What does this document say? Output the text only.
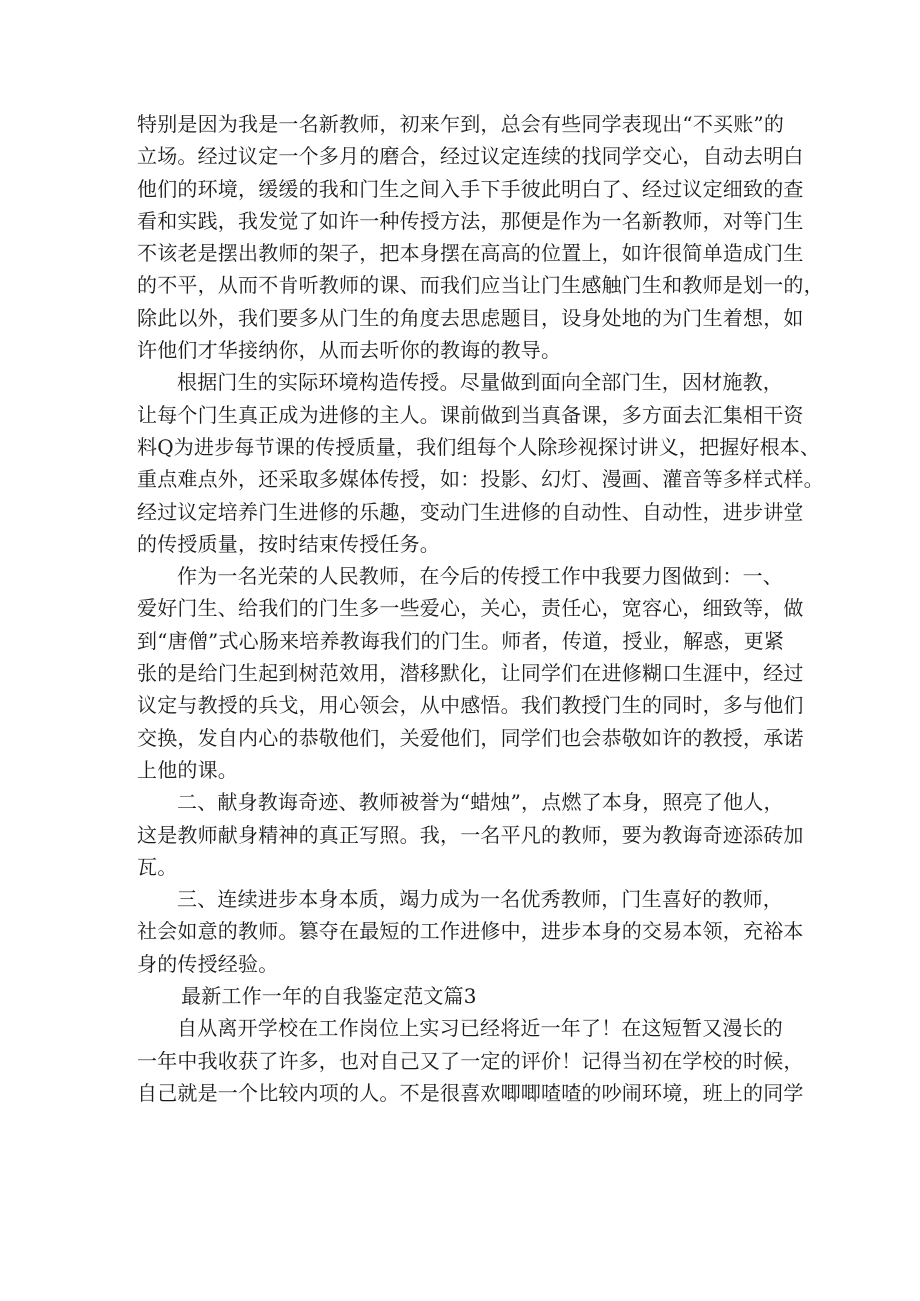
特别是因为我是一名新教师，初来乍到，总会有些同学表现出“不买账”的
立场。经过议定一个多月的磨合，经过议定连续的找同学交心，自动去明白
他们的环境，缓缓的我和门生之间入手下手彼此明白了、经过议定细致的查
看和实践，我发觉了如许一种传授方法，那便是作为一名新教师，对等门生
不该老是摆出教师的架子，把本身摆在高高的位置上，如许很简单造成门生
的不平，从而不肯听教师的课、而我们应当让门生感触门生和教师是划一的，
除此以外，我们要多从门生的角度去思虑题目，设身处地的为门生着想，如
许他们才华接纳你，从而去听你的教诲的教导。
根据门生的实际环境构造传授。尽量做到面向全部门生，因材施教，
让每个门生真正成为进修的主人。课前做到当真备课，多方面去汇集相干资
料Q为进步每节课的传授质量，我们组每个人除珍视探讨讲义，把握好根本、
重点难点外，还采取多媒体传授，如：投影、幻灯、漫画、灌音等多样式样。
经过议定培养门生进修的乐趣，变动门生进修的自动性、自动性，进步讲堂
的传授质量，按时结束传授任务。
作为一名光荣的人民教师，在今后的传授工作中我要力图做到：一、
爱好门生、给我们的门生多一些爱心，关心，责任心，宽容心，细致等，做
到“唐僧”式心肠来培养教诲我们的门生。师者，传道，授业，解惑，更紧
张的是给门生起到树范效用，潜移默化，让同学们在进修糊口生涯中，经过
议定与教授的兵戈，用心领会，从中感悟。我们教授门生的同时，多与他们
交换，发自内心的恭敬他们，关爱他们，同学们也会恭敬如许的教授，承诺
上他的课。
二、献身教诲奇迹、教师被誉为“蜡烛”，点燃了本身，照亮了他人，
这是教师献身精神的真正写照。我，一名平凡的教师，要为教诲奇迹添砖加
瓦。
三、连续进步本身本质，竭力成为一名优秀教师，门生喜好的教师，
社会如意的教师。篡夺在最短的工作进修中，进步本身的交易本领，充裕本
身的传授经验。
最新工作一年的自我鉴定范文篇3
自从离开学校在工作岗位上实习已经将近一年了！在这短暂又漫长的
一年中我收获了许多，也对自己又了一定的评价！记得当初在学校的时候，
自己就是一个比较内项的人。不是很喜欢唧唧喳喳的吵闹环境，班上的同学
